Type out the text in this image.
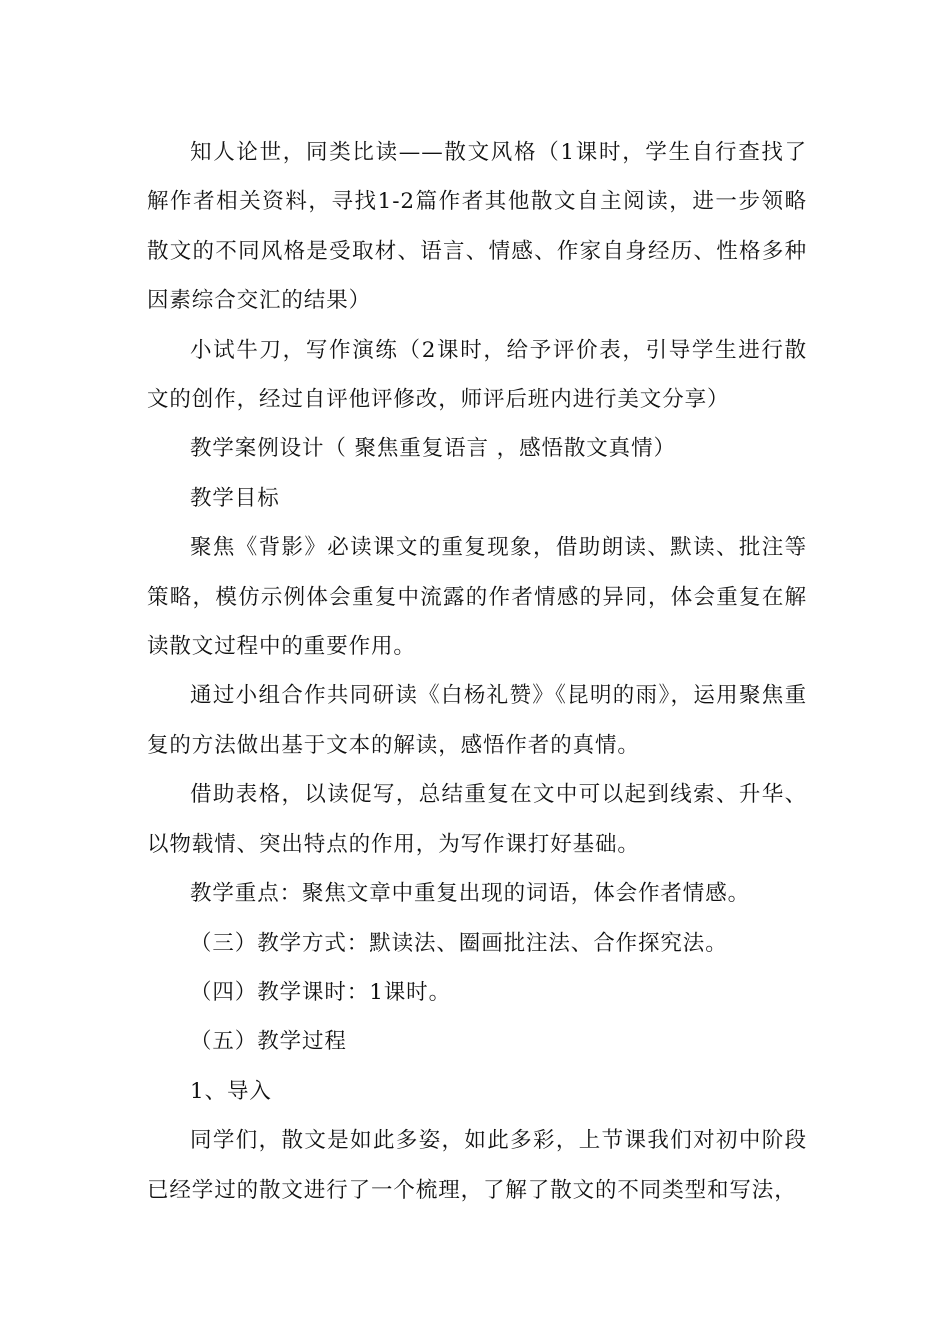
知人论世，同类比读——散文风格（1课时，学生自行查找了解作者相关资料，寻找1-2篇作者其他散文自主阅读，进一步领略散文的不同风格是受取材、语言、情感、作家自身经历、性格多种因素综合交汇的结果）

小试牛刀，写作演练（2课时，给予评价表，引导学生进行散文的创作，经过自评他评修改，师评后班内进行美文分享）

教学案例设计（ 聚焦重复语言 ，感悟散文真情）

教学目标

聚焦《背影》必读课文的重复现象，借助朗读、默读、批注等策略，模仿示例体会重复中流露的作者情感的异同，体会重复在解读散文过程中的重要作用。

通过小组合作共同研读《白杨礼赞》《昆明的雨》，运用聚焦重复的方法做出基于文本的解读，感悟作者的真情。

借助表格，以读促写，总结重复在文中可以起到线索、升华、以物载情、突出特点的作用，为写作课打好基础。

教学重点：聚焦文章中重复出现的词语，体会作者情感。

（三）教学方式：默读法、圈画批注法、合作探究法。

（四）教学课时：1课时。

（五）教学过程

1、导入

同学们，散文是如此多姿，如此多彩，上节课我们对初中阶段已经学过的散文进行了一个梳理，了解了散文的不同类型和写法，
